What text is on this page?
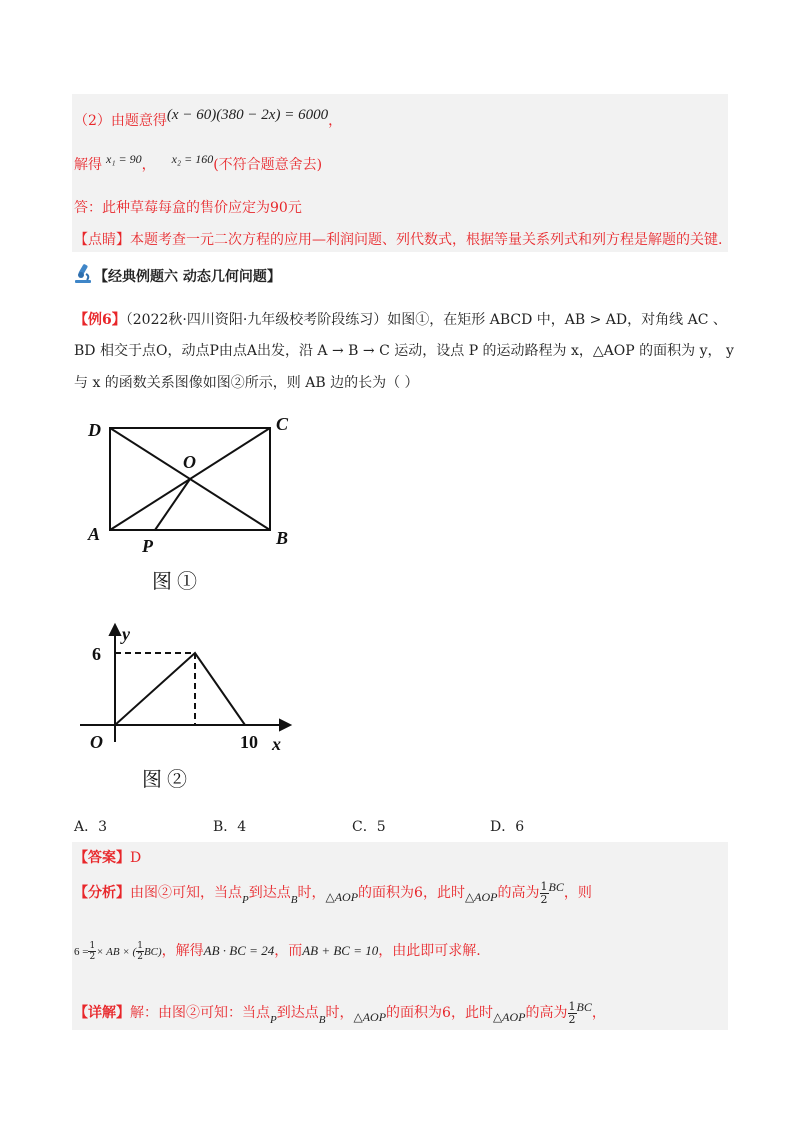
（2）由题意得(x − 60)(380 − 2x) = 6000，
解得 x₁ = 90， x₂ = 160(不符合题意舍去)
答：此种草莓每盒的售价应定为90元
【点睛】本题考查一元二次方程的应用—利润问题、列代数式，根据等量关系列式和列方程是解题的关键.
【经典例题六 动态几何问题】
【例6】（2022秋·四川资阳·九年级校考阶段练习）如图①，在矩形 ABCD 中，AB > AD，对角线 AC 、
BD 相交于点O，动点P由点A出发，沿 A → B → C 运动，设点 P 的运动路程为 x，△AOP 的面积为 y， y
与 x 的函数关系图像如图②所示，则 AB 边的长为（ ）
D	C
O
A
P	B
图 ①
y
6
O	10 x
图 ②
A．3	B．4	C．5	D．6
【答案】D
【分析】由图②可知，当点$_P$到达点$_B$时，△AOP的面积为6，此时△AOP的高为 $\frac{1}{2}$ BC，则
$6 = \frac{1}{2}$ × AB × ( $\frac{1}{2} BC$)，解得AB · BC = 24，而AB + BC = 10，由此即可求解.
【详解】解：由图②可知：当点$_P$到达点$_B$时，△AOP的面积为6，此时△AOP的高为 $\frac{1}{2}$ BC，
